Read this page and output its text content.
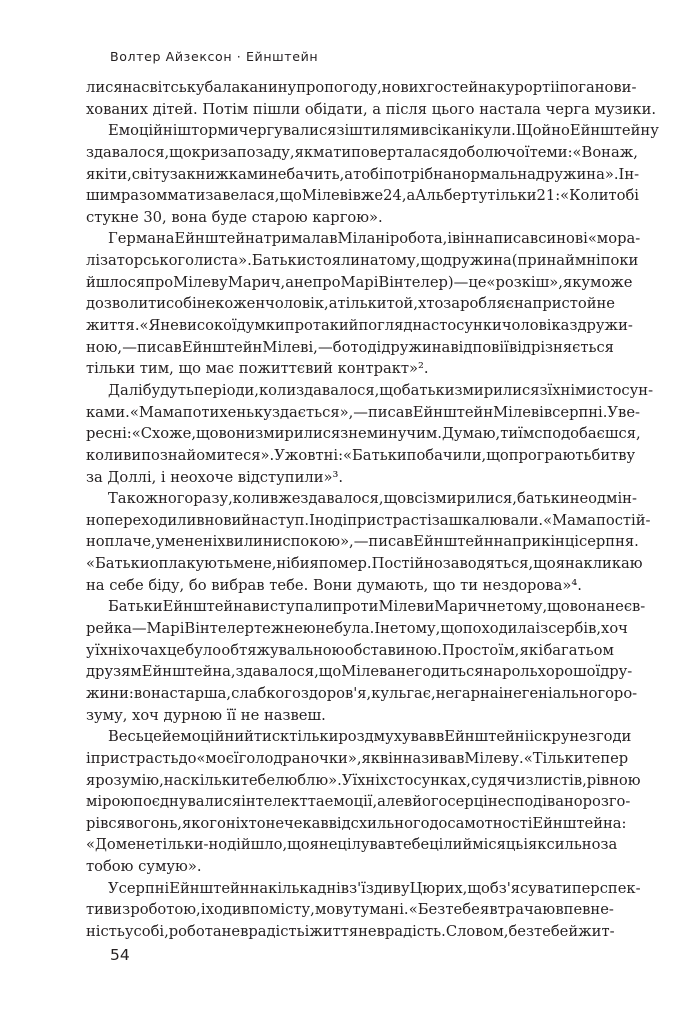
Волтер Айзексон · Ейнштейн
лися на світську балаканину про погоду, нових гостей на курорті і погано ви-
хованих дітей. Потім пішли обідати, а після цього настала черга музики.
Емоційні шторми чергувалися зі штилями всі канікули. Щойно Ейнштейну
здавалося, що криза позаду, як мати поверталася до болючої теми: «Вона ж,
як і ти, світу за книжками не бачить, а тобі потрібна нормальна дружина». Ін-
шим разом мати завелася, що Мілеві вже 24, а Альберту тільки 21: «Коли тобі
стукне 30, вона буде старою каргою».
Германа Ейнштейна тримала в Мілані робота, і він написав синові «мора-
лізаторського листа». Батьки стояли на тому, що дружина (принаймні поки
йшлося про Мілеву Марич, а не про Марі Вінтелер) — це «розкіш», яку може
дозволити собі не кожен чоловік, а тільки той, хто заробляє на пристойне
життя. «Я невисокої думки про такий погляд на стосунки чоловіка з дружи-
ною, — писав Ейнштейн Мілеві, — бо тоді дружина від повії відрізняється
тільки тим, що має пожиттєвий контракт»².
Далі будуть періоди, коли здавалося, що батьки змирилися з їхніми стосун-
ками. «Мама потихеньку здається», — писав Ейнштейн Мілеві в серпні. У ве-
ресні: «Схоже, що вони змирилися з неминучим. Думаю, ти їм сподобаєшся,
коли ви познайомитеся». У жовтні: «Батьки побачили, що програють битву
за Доллі, і неохоче відступили»³.
Та кожного разу, коли вже здавалося, що всі змирилися, батьки неодмін-
но переходили в новий наступ. Іноді пристрасті зашкалювали. «Мама постій-
но плаче, у мене ні хвилини спокою», — писав Ейнштейн наприкінці серпня.
«Батьки оплакують мене, ніби я помер. Постійно заводяться, що я накликаю
на себе біду, бо вибрав тебе. Вони думають, що ти нездорова»⁴.
Батьки Ейнштейна виступали проти Мілеви Марич не тому, що вона не єв-
рейка — Марі Вінтелер теж нею не була. І не тому, що походила із сербів, хоч
у їхніх очах це було обтяжувальною обставиною. Просто їм, як і багатьом
друзям Ейнштейна, здавалося, що Мілева не годиться на роль хорошої дру-
жини: вона старша, слабкого здоров'я, кульгає, негарна і не геніального ро-
зуму, хоч дурною її не назвеш.
Весь цей емоційний тиск тільки роздмухував в Ейнштейні іскру незгоди
і пристрасть до «моєї голодраночки», як він називав Мілеву. «Тільки тепер
я розумію, наскільки тебе люблю». У їхніх стосунках, судячи з листів, рівною
мірою поєднувалися інтелект та емоції, але в його серці несподівано розго-
рівся вогонь, якого ніхто не чекав від схильного до самотності Ейнштейна:
«До мене тільки-но дійшло, що я не цілував тебе цілий місяць і як сильно за
тобою сумую».
У серпні Ейнштейн на кілька днів з'їздив у Цюрих, щоб з'ясувати перспек-
тиви з роботою, і ходив по місту, мов у тумані. «Без тебе я втрачаю впевне-
ність у собі, робота не в радість і життя не в радість. Словом, без тебе й жит-
54
